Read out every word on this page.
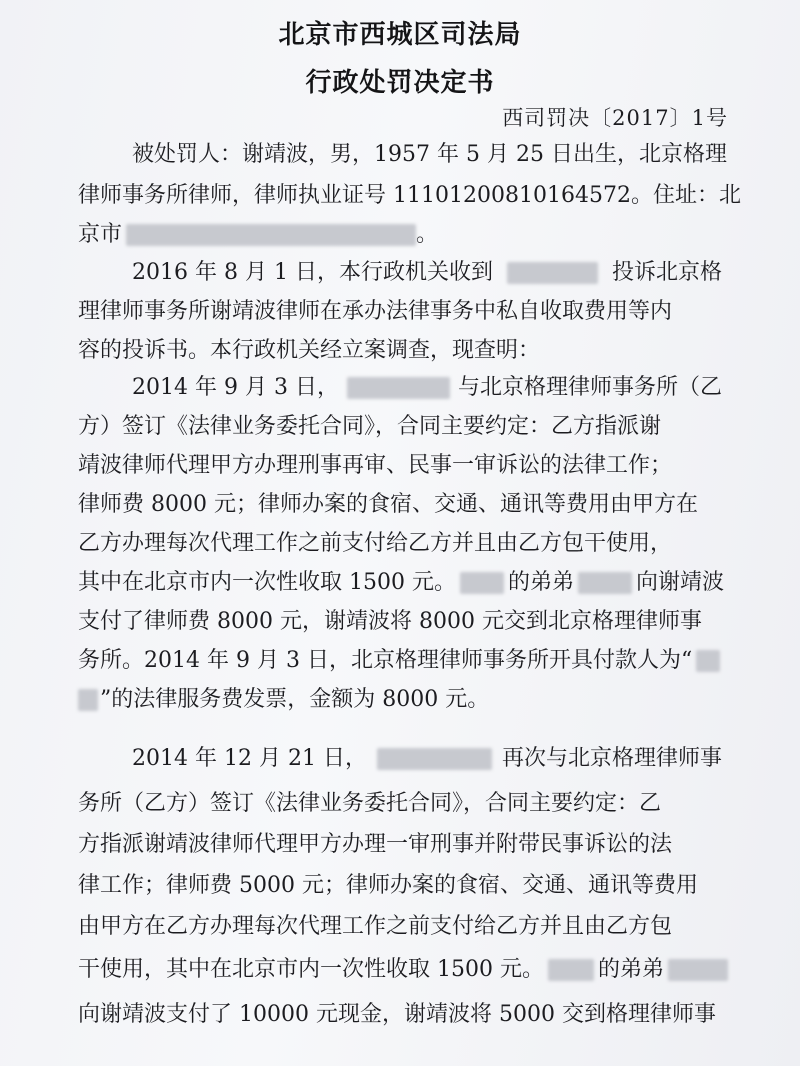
北京市西城区司法局
行政处罚决定书
西司罚决〔2017〕1号
被处罚人：谢靖波，男，1957 年 5 月 25 日出生，北京格理
律师事务所律师，律师执业证号 11101200810164572。住址：北
京市	。
2016 年 8 月 1 日，本行政机关收到	投诉北京格
理律师事务所谢靖波律师在承办法律事务中私自收取费用等内
容的投诉书。本行政机关经立案调查，现查明：
2014 年 9 月 3 日，	与北京格理律师事务所（乙
方）签订《法律业务委托合同》，合同主要约定：乙方指派谢
靖波律师代理甲方办理刑事再审、民事一审诉讼的法律工作；
律师费 8000 元；律师办案的食宿、交通、通讯等费用由甲方在
乙方办理每次代理工作之前支付给乙方并且由乙方包干使用，
其中在北京市内一次性收取 1500 元。 的弟弟	向谢靖波
支付了律师费 8000 元，谢靖波将 8000 元交到北京格理律师事
务所。2014 年 9 月 3 日，北京格理律师事务所开具付款人为“
”的法律服务费发票，金额为 8000 元。
2014 年 12 月 21 日，	再次与北京格理律师事
务所（乙方）签订《法律业务委托合同》，合同主要约定：乙
方指派谢靖波律师代理甲方办理一审刑事并附带民事诉讼的法
律工作；律师费 5000 元；律师办案的食宿、交通、通讯等费用
由甲方在乙方办理每次代理工作之前支付给乙方并且由乙方包
干使用，其中在北京市内一次性收取 1500 元。 的弟弟
向谢靖波支付了 10000 元现金，谢靖波将 5000 交到格理律师事
